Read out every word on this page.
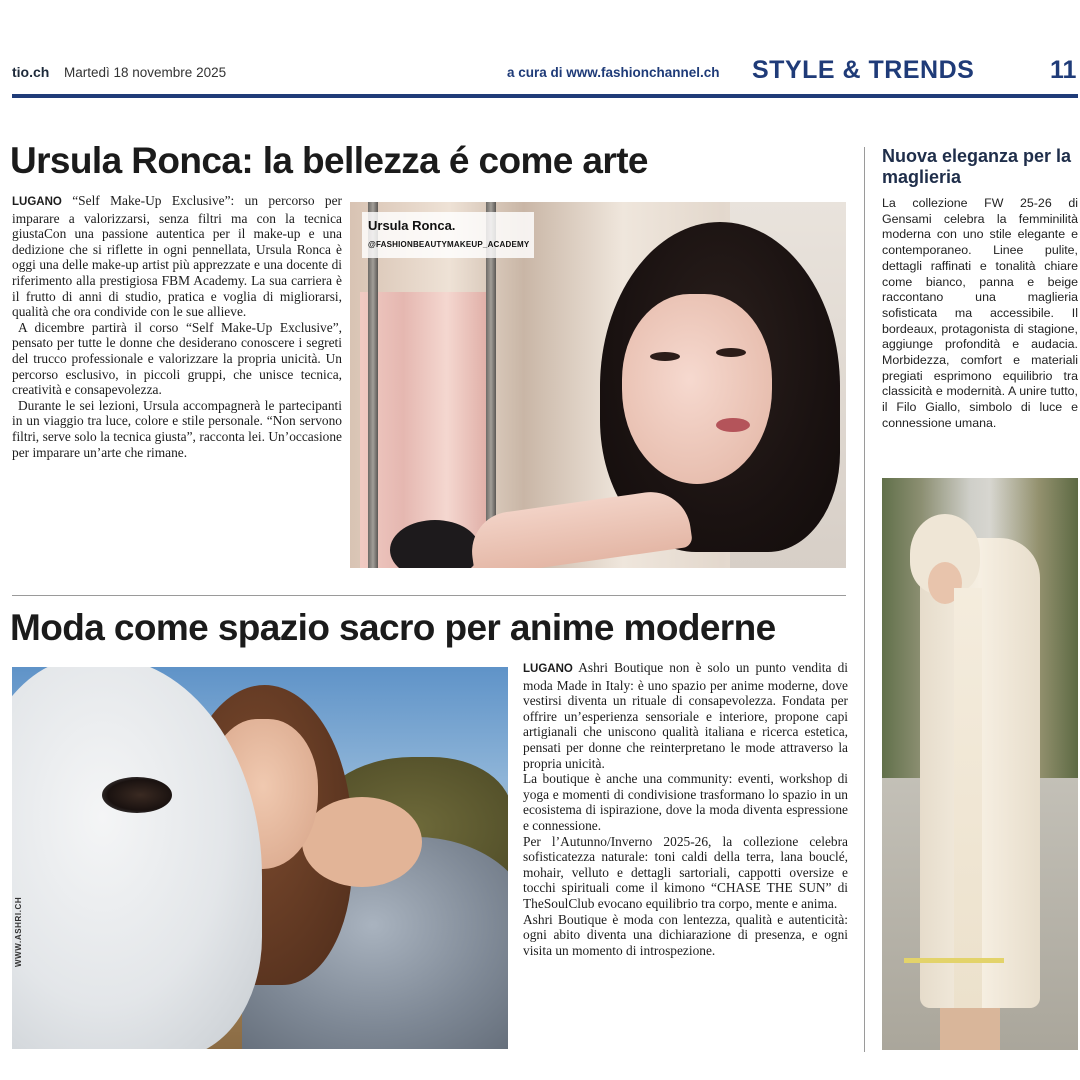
tio.ch Martedì 18 novembre 2025	a cura di www.fashionchannel.ch STYLE & TRENDS	11
Ursula Ronca: la bellezza é come arte

LUGANO “Self Make-Up Exclusive”: un percorso per imparare a valorizzarsi, senza filtri ma con la tecnica giustaCon una passione autentica per il make-up e una dedizione che si riflette in ogni pennellata, Ursula Ronca è oggi una delle make-up artist più apprezzate e una docente di riferimento alla prestigiosa FBM Academy. La sua carriera è il frutto di anni di studio, pratica e voglia di migliorarsi, qualità che ora condivide con le sue allieve.

A dicembre partirà il corso “Self Make-Up Exclusive”, pensato per tutte le donne che desiderano conoscere i segreti del trucco professionale e valorizzare la propria unicità. Un percorso esclusivo, in piccoli gruppi, che unisce tecnica, creatività e consapevolezza.

Durante le sei lezioni, Ursula accompagnerà le partecipanti in un viaggio tra luce, colore e stile personale. “Non servono filtri, serve solo la tecnica giusta”, racconta lei. Un’occasione per imparare un’arte che rimane.

Ursula Ronca.
@FASHIONBEAUTYMAKEUP_ACADEMY
Moda come spazio sacro per anime moderne
WWW.ASHRI.CH

LUGANO Ashri Boutique non è solo un punto vendita di moda Made in Italy: è uno spazio per anime moderne, dove vestirsi diventa un rituale di consapevolezza. Fondata per offrire un’esperienza sensoriale e interiore, propone capi artigianali che uniscono qualità italiana e ricerca estetica, pensati per donne che reinterpretano le mode attraverso la propria unicità.

La boutique è anche una community: eventi, workshop di yoga e momenti di condivisione trasformano lo spazio in un ecosistema di ispirazione, dove la moda diventa espressione e connessione.

Per l’Autunno/Inverno 2025-26, la collezione celebra sofisticatezza naturale: toni caldi della terra, lana bouclé, mohair, velluto e dettagli sartoriali, cappotti oversize e tocchi spirituali come il kimono “CHASE THE SUN” di TheSoulClub evocano equilibrio tra corpo, mente e anima.

Ashri Boutique è moda con lentezza, qualità e autenticità: ogni abito diventa una dichiarazione di presenza, e ogni visita un momento di introspezione.

Nuova eleganza per la maglieria
La collezione FW 25-26 di Gensami celebra la femminilità moderna con uno stile elegante e contemporaneo. Linee pulite, dettagli raffinati e tonalità chiare come bianco, panna e beige raccontano una maglieria sofisticata ma accessibile. Il bordeaux, protagonista di stagione, aggiunge profondità e audacia. Morbidezza, comfort e materiali pregiati esprimono equilibrio tra classicità e modernità. A unire tutto, il Filo Giallo, simbolo di luce e connessione umana.
